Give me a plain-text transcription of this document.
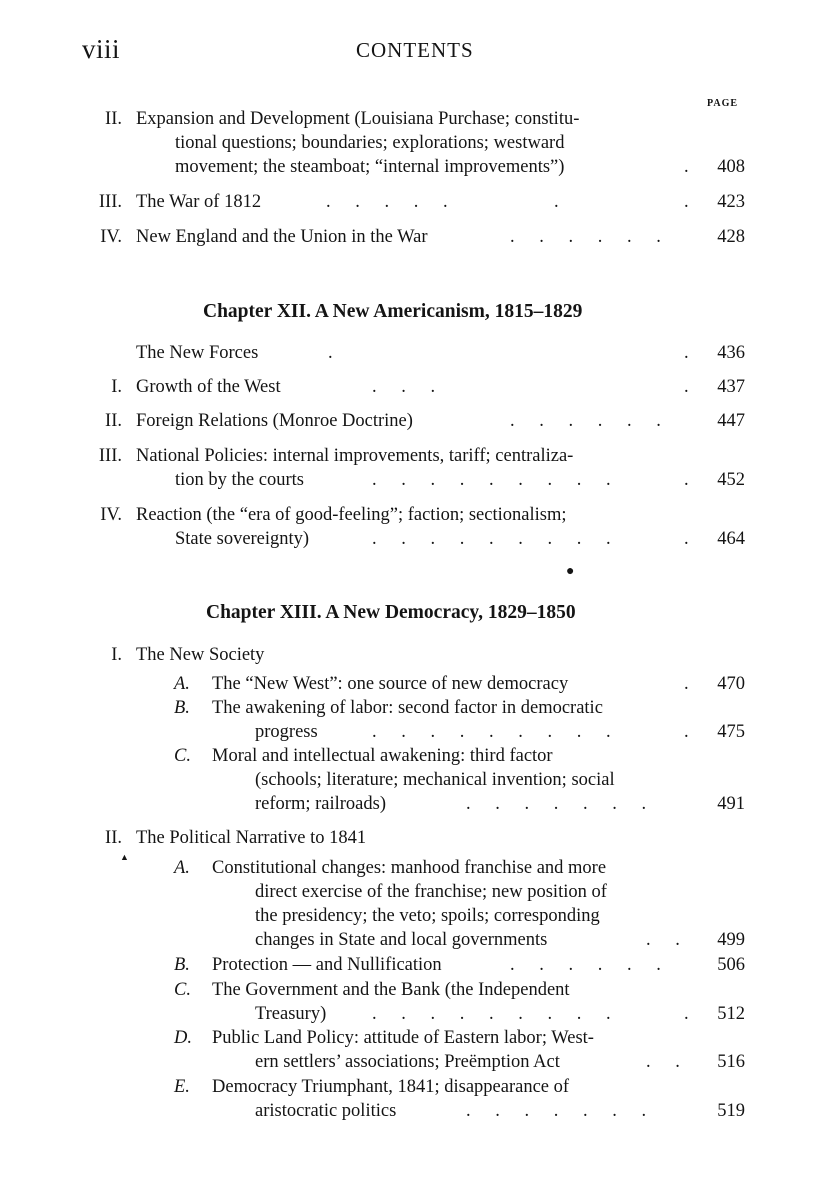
viii	CONTENTS
PAGE
II. Expansion and Development (Louisiana Purchase; constitu-
tional questions; boundaries; explorations; westward
movement; the steamboat; “internal improvements”)	.	408
III. The War of 1812	. . . . .	.	.	423
IV. New England and the Union in the War	. . . . . .	428
Chapter XII. A New Americanism, 1815–1829
The New Forces	.	.	436
I. Growth of the West	. . .	.	437
II. Foreign Relations (Monroe Doctrine)	. . . . . .	447
III. National Policies: internal improvements, tariff; centraliza-
tion by the courts	. . . . . . . . .	.	452
IV. Reaction (the “era of good-feeling”; faction; sectionalism;
State sovereignty)	. . . . . . . . .	.	464
●
Chapter XIII. A New Democracy, 1829–1850
I. The New Society
A. The “New West”: one source of new democracy	.	470
B. The awakening of labor: second factor in democratic
progress	. . . . . . . . .	.	475
C. Moral and intellectual awakening: third factor
(schools; literature; mechanical invention; social
reform; railroads)	. . . . . . .	491
II. The Political Narrative to 1841
▲
A. Constitutional changes: manhood franchise and more
direct exercise of the franchise; new position of
the presidency; the veto; spoils; corresponding
changes in State and local governments	. .	499
B. Protection — and Nullification	. . . . . .	506
C. The Government and the Bank (the Independent
Treasury) . . . . . . . . .	.	512
D. Public Land Policy: attitude of Eastern labor; West-
ern settlers’ associations; Preëmption Act	. .	516
E. Democracy Triumphant, 1841; disappearance of
aristocratic politics	. . . . . . .	519
